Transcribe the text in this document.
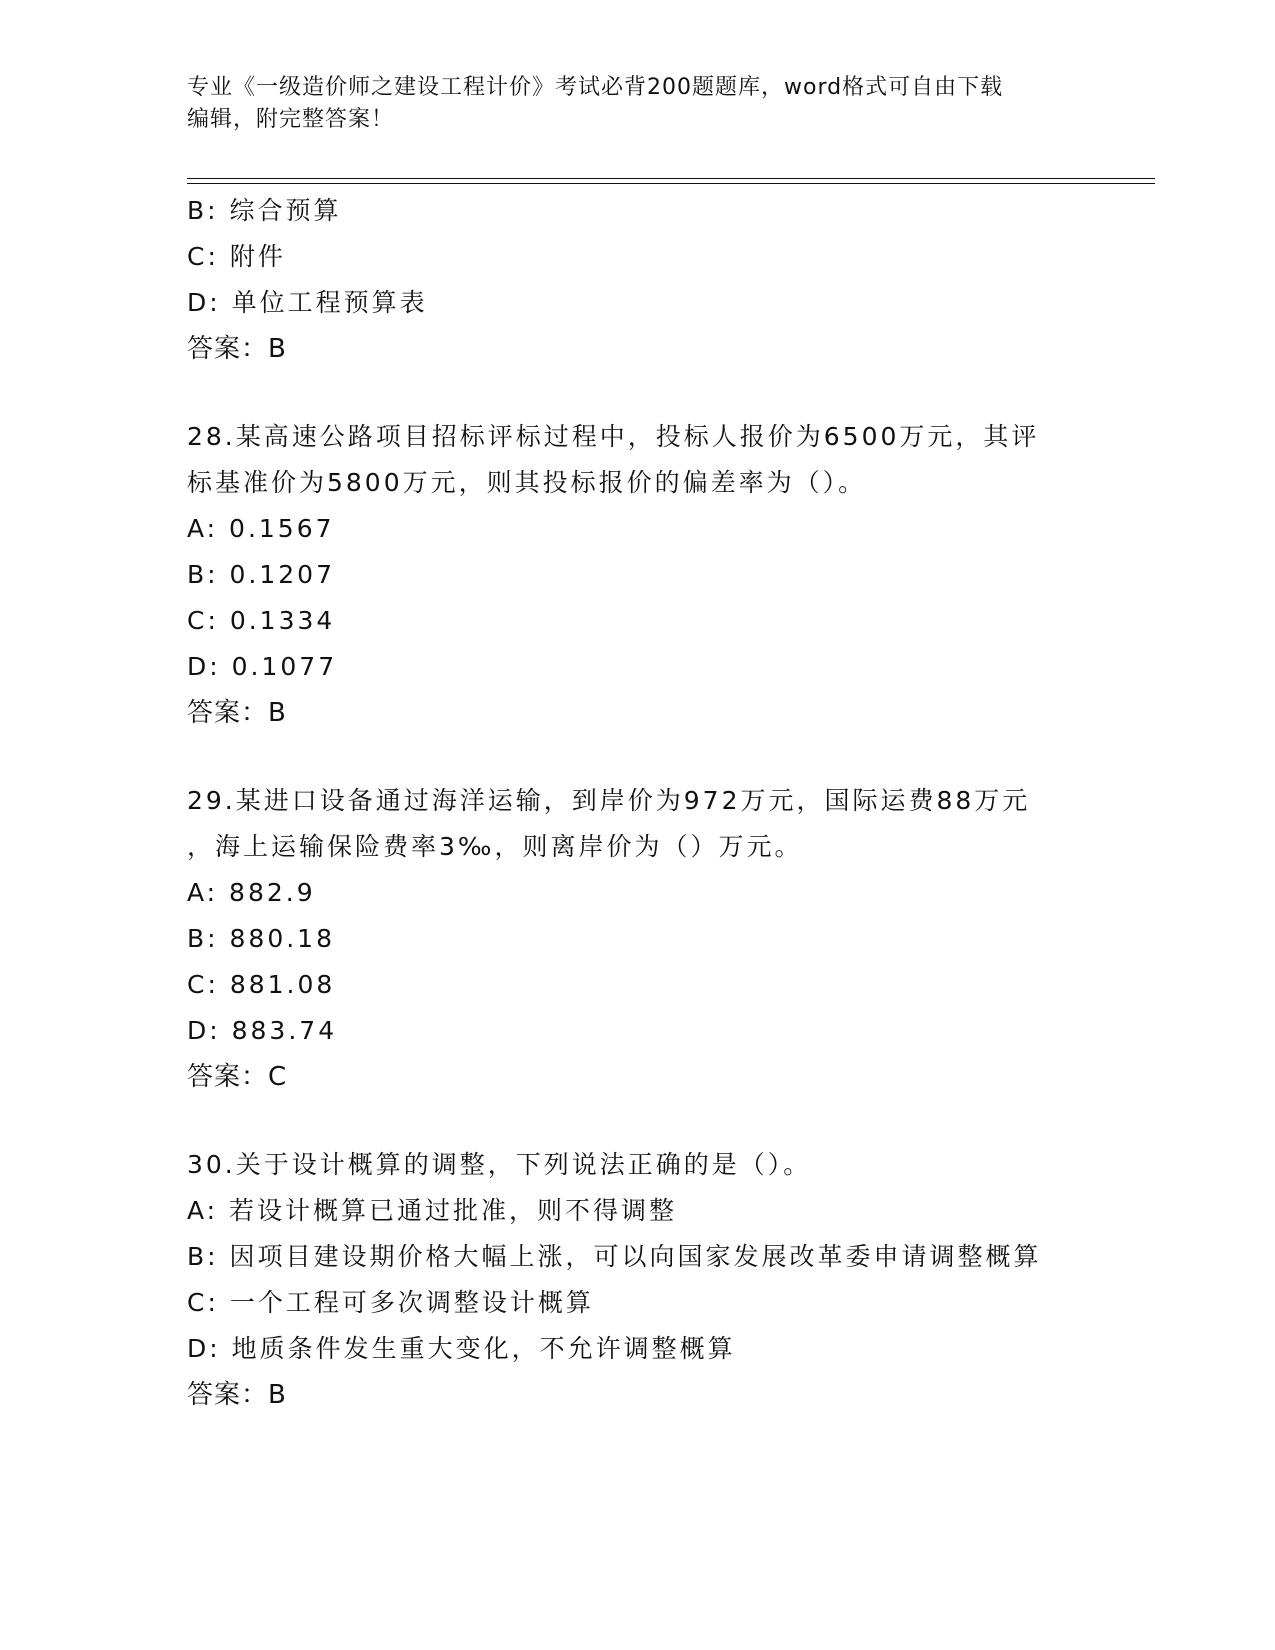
专业《一级造价师之建设工程计价》考试必背200题题库，word格式可自由下载
编辑，附完整答案！
B: 综合预算
C: 附件
D: 单位工程预算表
答案：B
28.某高速公路项目招标评标过程中，投标人报价为6500万元，其评
标基准价为5800万元，则其投标报价的偏差率为（）。
A: 0.1567
B: 0.1207
C: 0.1334
D: 0.1077
答案：B
29.某进口设备通过海洋运输，到岸价为972万元，国际运费88万元
，海上运输保险费率3‰，则离岸价为（）万元。
A: 882.9
B: 880.18
C: 881.08
D: 883.74
答案：C
30.关于设计概算的调整，下列说法正确的是（）。
A: 若设计概算已通过批准，则不得调整
B: 因项目建设期价格大幅上涨，可以向国家发展改革委申请调整概算
C: 一个工程可多次调整设计概算
D: 地质条件发生重大变化，不允许调整概算
答案：B
